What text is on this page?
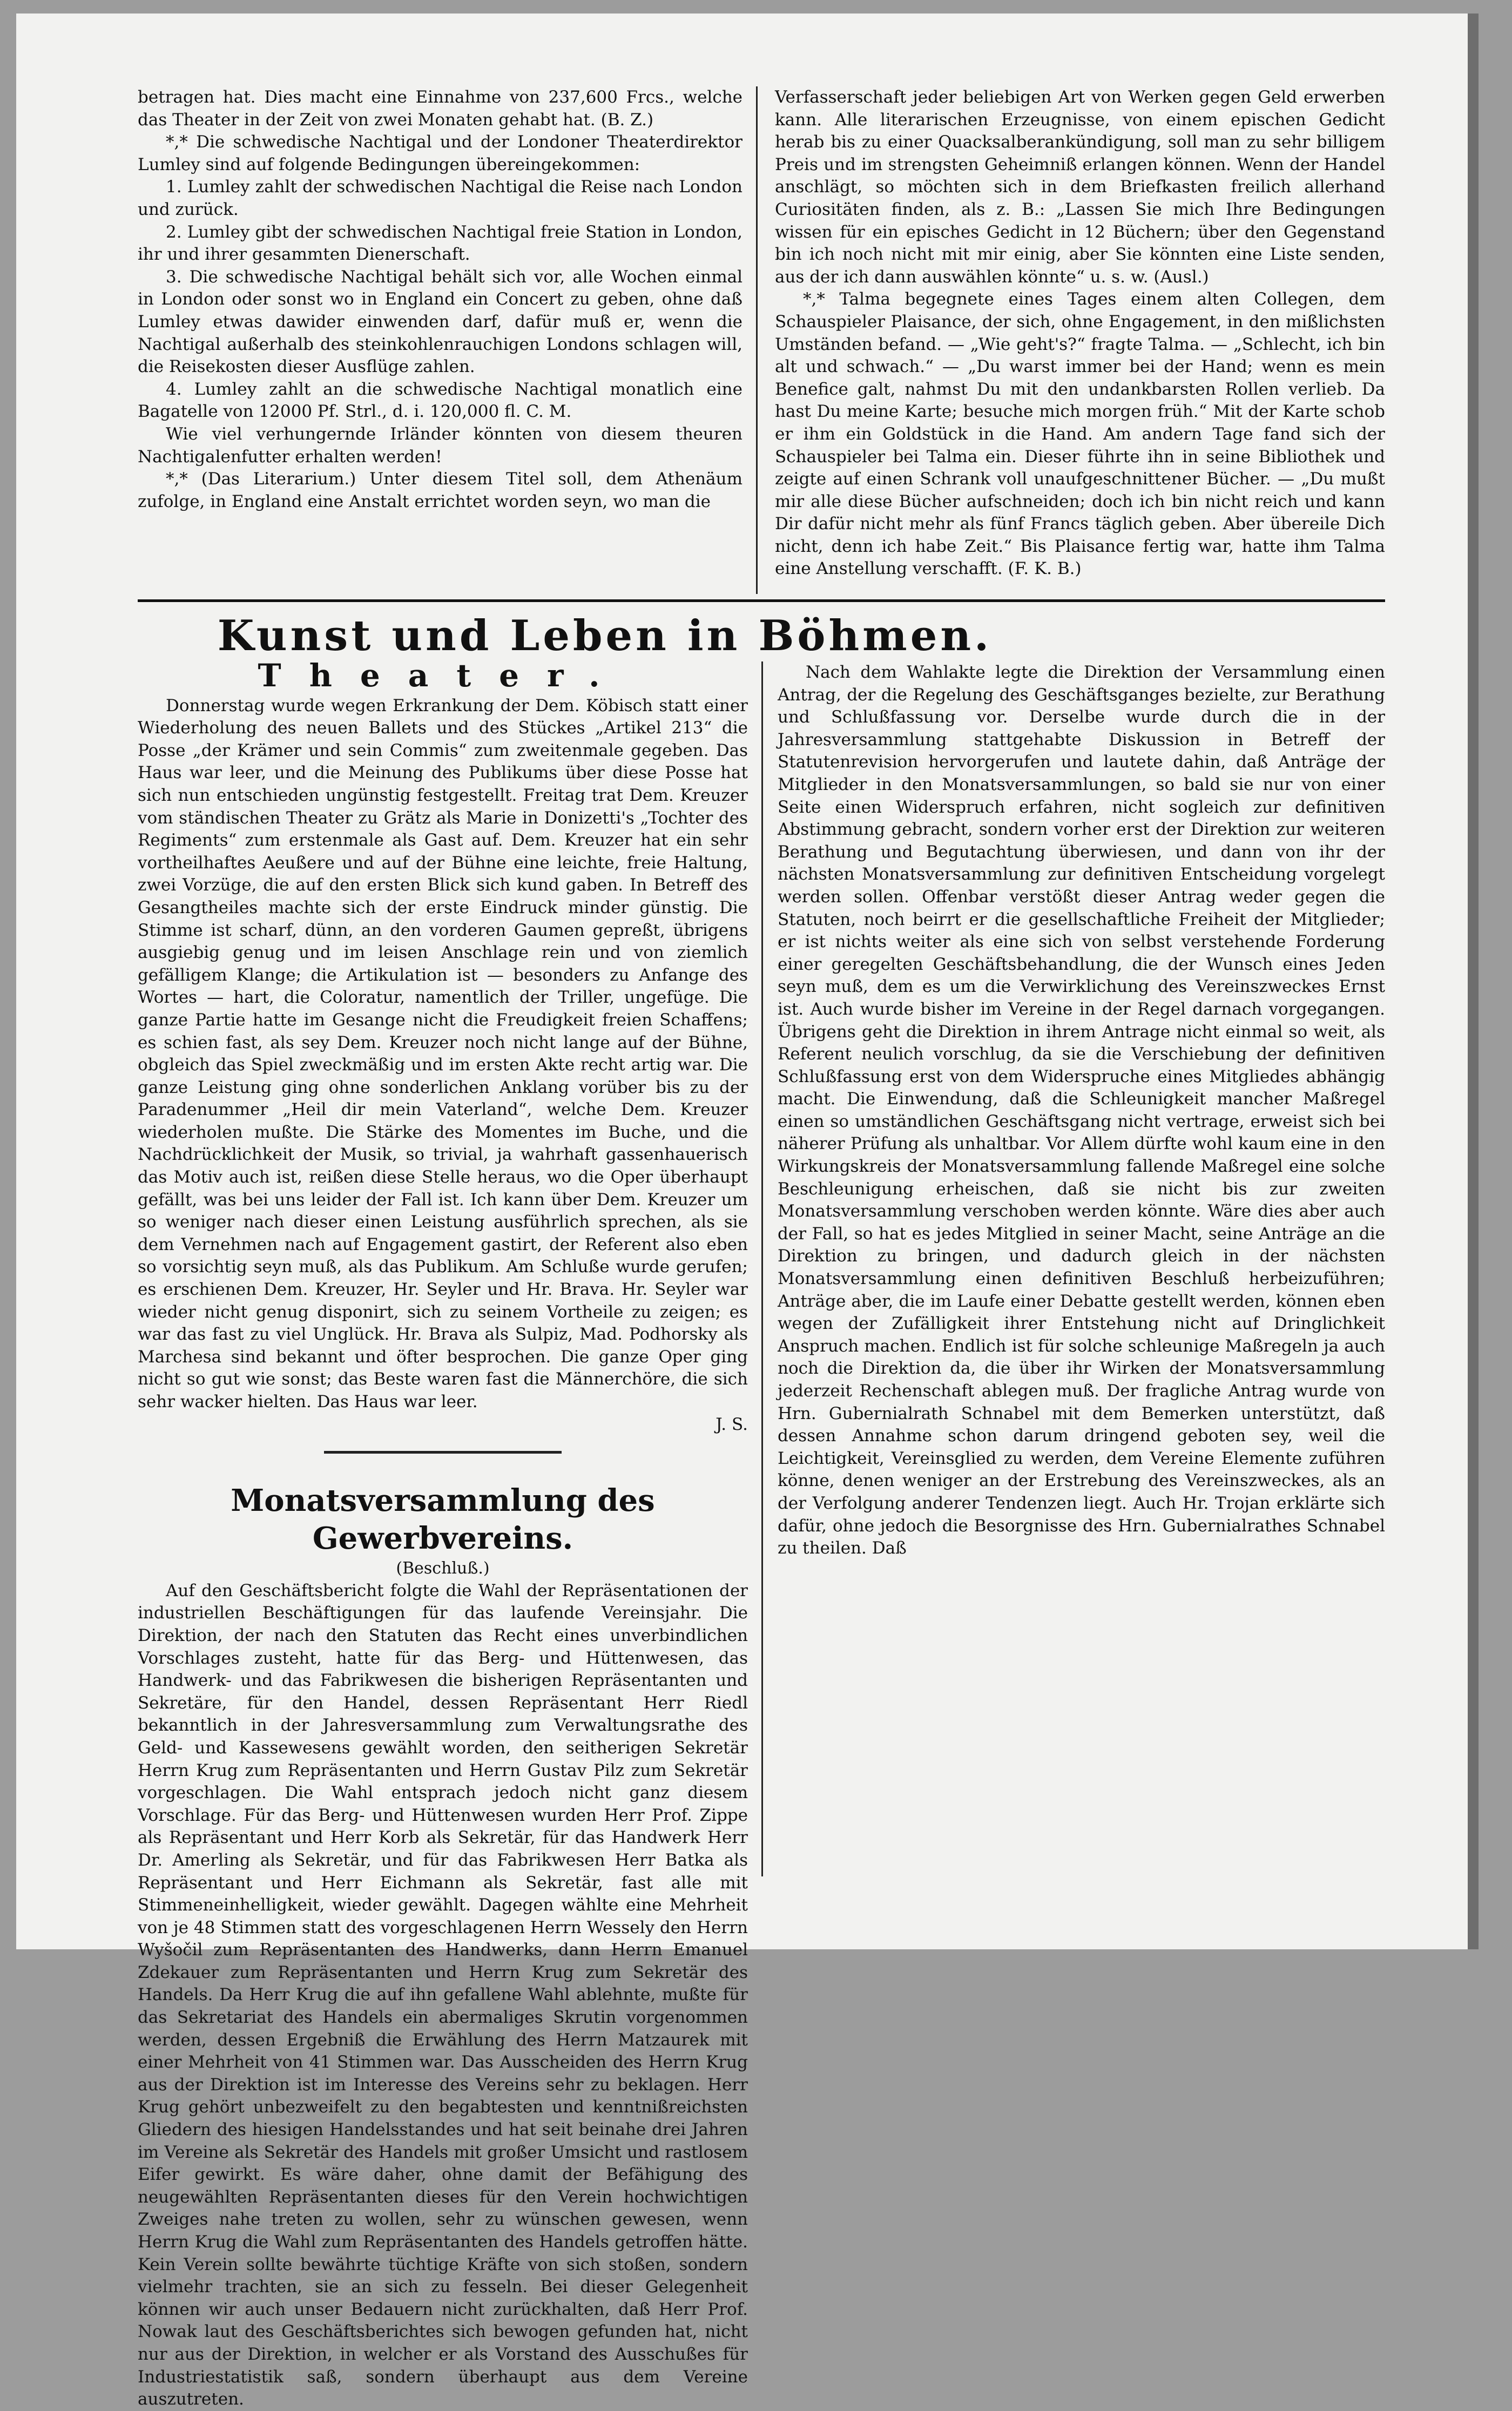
betragen hat. Dies macht eine Einnahme von 237,600 Frcs., welche das Theater in der Zeit von zwei Monaten gehabt hat. (B. Z.)

*,* Die schwedische Nachtigal und der Londoner Theaterdirektor Lumley sind auf folgende Bedingungen übereingekommen:

1. Lumley zahlt der schwedischen Nachtigal die Reise nach London und zurück.

2. Lumley gibt der schwedischen Nachtigal freie Station in London, ihr und ihrer gesammten Dienerschaft.

3. Die schwedische Nachtigal behält sich vor, alle Wochen einmal in London oder sonst wo in England ein Concert zu geben, ohne daß Lumley etwas dawider einwenden darf, dafür muß er, wenn die Nachtigal außerhalb des steinkohlenrauchigen Londons schlagen will, die Reisekosten dieser Ausflüge zahlen.

4. Lumley zahlt an die schwedische Nachtigal monatlich eine Bagatelle von 12000 Pf. Strl., d. i. 120,000 fl. C. M.

Wie viel verhungernde Irländer könnten von diesem theuren Nachtigalenfutter erhalten werden!

*,* (Das Literarium.) Unter diesem Titel soll, dem Athenäum zufolge, in England eine Anstalt errichtet worden seyn, wo man die

Verfasserschaft jeder beliebigen Art von Werken gegen Geld erwerben kann. Alle literarischen Erzeugnisse, von einem epischen Gedicht herab bis zu einer Quacksalberankündigung, soll man zu sehr billigem Preis und im strengsten Geheimniß erlangen können. Wenn der Handel anschlägt, so möchten sich in dem Briefkasten freilich allerhand Curiositäten finden, als z. B.: „Lassen Sie mich Ihre Bedingungen wissen für ein episches Gedicht in 12 Büchern; über den Gegenstand bin ich noch nicht mit mir einig, aber Sie könnten eine Liste senden, aus der ich dann auswählen könnte“ u. s. w. (Ausl.)

*,* Talma begegnete eines Tages einem alten Collegen, dem Schauspieler Plaisance, der sich, ohne Engagement, in den mißlichsten Umständen befand. — „Wie geht's?“ fragte Talma. — „Schlecht, ich bin alt und schwach.“ — „Du warst immer bei der Hand; wenn es mein Benefice galt, nahmst Du mit den undankbarsten Rollen verlieb. Da hast Du meine Karte; besuche mich morgen früh.“ Mit der Karte schob er ihm ein Goldstück in die Hand. Am andern Tage fand sich der Schauspieler bei Talma ein. Dieser führte ihn in seine Bibliothek und zeigte auf einen Schrank voll unaufgeschnittener Bücher. — „Du mußt mir alle diese Bücher aufschneiden; doch ich bin nicht reich und kann Dir dafür nicht mehr als fünf Francs täglich geben. Aber übereile Dich nicht, denn ich habe Zeit.“ Bis Plaisance fertig war, hatte ihm Talma eine Anstellung verschafft. (F. K. B.)

Kunst und Leben in Böhmen.
Theater.

Donnerstag wurde wegen Erkrankung der Dem. Köbisch statt einer Wiederholung des neuen Ballets und des Stückes „Artikel 213“ die Posse „der Krämer und sein Commis“ zum zweitenmale gegeben. Das Haus war leer, und die Meinung des Publikums über diese Posse hat sich nun entschieden ungünstig festgestellt. Freitag trat Dem. Kreuzer vom ständischen Theater zu Grätz als Marie in Donizetti's „Tochter des Regiments“ zum erstenmale als Gast auf. Dem. Kreuzer hat ein sehr vortheilhaftes Aeußere und auf der Bühne eine leichte, freie Haltung, zwei Vorzüge, die auf den ersten Blick sich kund gaben. In Betreff des Gesangtheiles machte sich der erste Eindruck minder günstig. Die Stimme ist scharf, dünn, an den vorderen Gaumen gepreßt, übrigens ausgiebig genug und im leisen Anschlage rein und von ziemlich gefälligem Klange; die Artikulation ist — besonders zu Anfange des Wortes — hart, die Coloratur, namentlich der Triller, ungefüge. Die ganze Partie hatte im Gesange nicht die Freudigkeit freien Schaffens; es schien fast, als sey Dem. Kreuzer noch nicht lange auf der Bühne, obgleich das Spiel zweckmäßig und im ersten Akte recht artig war. Die ganze Leistung ging ohne sonderlichen Anklang vorüber bis zu der Paradenummer „Heil dir mein Vaterland“, welche Dem. Kreuzer wiederholen mußte. Die Stärke des Momentes im Buche, und die Nachdrücklichkeit der Musik, so trivial, ja wahrhaft gassenhauerisch das Motiv auch ist, reißen diese Stelle heraus, wo die Oper überhaupt gefällt, was bei uns leider der Fall ist. Ich kann über Dem. Kreuzer um so weniger nach dieser einen Leistung ausführlich sprechen, als sie dem Vernehmen nach auf Engagement gastirt, der Referent also eben so vorsichtig seyn muß, als das Publikum. Am Schluße wurde gerufen; es erschienen Dem. Kreuzer, Hr. Seyler und Hr. Brava. Hr. Seyler war wieder nicht genug disponirt, sich zu seinem Vortheile zu zeigen; es war das fast zu viel Unglück. Hr. Brava als Sulpiz, Mad. Podhorsky als Marchesa sind bekannt und öfter besprochen. Die ganze Oper ging nicht so gut wie sonst; das Beste waren fast die Männerchöre, die sich sehr wacker hielten. Das Haus war leer.

J. S.

Monatsversammlung des Gewerbvereins.

(Beschluß.)

Auf den Geschäftsbericht folgte die Wahl der Repräsentationen der industriellen Beschäftigungen für das laufende Vereinsjahr. Die Direktion, der nach den Statuten das Recht eines unverbindlichen Vorschlages zusteht, hatte für das Berg- und Hüttenwesen, das Handwerk- und das Fabrikwesen die bisherigen Repräsentanten und Sekretäre, für den Handel, dessen Repräsentant Herr Riedl bekanntlich in der Jahresversammlung zum Verwaltungsrathe des Geld- und Kassewesens gewählt worden, den seitherigen Sekretär Herrn Krug zum Repräsentanten und Herrn Gustav Pilz zum Sekretär vorgeschlagen. Die Wahl entsprach jedoch nicht ganz diesem Vorschlage. Für das Berg- und Hüttenwesen wurden Herr Prof. Zippe als Repräsentant und Herr Korb als Sekretär, für das Handwerk Herr Dr. Amerling als Sekretär, und für das Fabrikwesen Herr Batka als Repräsentant und Herr Eichmann als Sekretär, fast alle mit Stimmeneinhelligkeit, wieder gewählt. Dagegen wählte eine Mehrheit von je 48 Stimmen statt des vorgeschlagenen Herrn Wessely den Herrn Wyšočil zum Repräsentanten des Handwerks, dann Herrn Emanuel Zdekauer zum Repräsentanten und Herrn Krug zum Sekretär des Handels. Da Herr Krug die auf ihn gefallene Wahl ablehnte, mußte für das Sekretariat des Handels ein abermaliges Skrutin vorgenommen werden, dessen Ergebniß die Erwählung des Herrn Matzaurek mit einer Mehrheit von 41 Stimmen war. Das Ausscheiden des Herrn Krug aus der Direktion ist im Interesse des Vereins sehr zu beklagen. Herr Krug gehört unbezweifelt zu den begabtesten und kenntnißreichsten Gliedern des hiesigen Handelsstandes und hat seit beinahe drei Jahren im Vereine als Sekretär des Handels mit großer Umsicht und rastlosem Eifer gewirkt. Es wäre daher, ohne damit der Befähigung des neugewählten Repräsentanten dieses für den Verein hochwichtigen Zweiges nahe treten zu wollen, sehr zu wünschen gewesen, wenn Herrn Krug die Wahl zum Repräsentanten des Handels getroffen hätte. Kein Verein sollte bewährte tüchtige Kräfte von sich stoßen, sondern vielmehr trachten, sie an sich zu fesseln. Bei dieser Gelegenheit können wir auch unser Bedauern nicht zurückhalten, daß Herr Prof. Nowak laut des Geschäftsberichtes sich bewogen gefunden hat, nicht nur aus der Direktion, in welcher er als Vorstand des Ausschußes für Industriestatistik saß, sondern überhaupt aus dem Vereine auszutreten.

Nach dem Wahlakte legte die Direktion der Versammlung einen Antrag, der die Regelung des Geschäftsganges bezielte, zur Berathung und Schlußfassung vor. Derselbe wurde durch die in der Jahresversammlung stattgehabte Diskussion in Betreff der Statutenrevision hervorgerufen und lautete dahin, daß Anträge der Mitglieder in den Monatsversammlungen, so bald sie nur von einer Seite einen Widerspruch erfahren, nicht sogleich zur definitiven Abstimmung gebracht, sondern vorher erst der Direktion zur weiteren Berathung und Begutachtung überwiesen, und dann von ihr der nächsten Monatsversammlung zur definitiven Entscheidung vorgelegt werden sollen. Offenbar verstößt dieser Antrag weder gegen die Statuten, noch beirrt er die gesellschaftliche Freiheit der Mitglieder; er ist nichts weiter als eine sich von selbst verstehende Forderung einer geregelten Geschäftsbehandlung, die der Wunsch eines Jeden seyn muß, dem es um die Verwirklichung des Vereinszweckes Ernst ist. Auch wurde bisher im Vereine in der Regel darnach vorgegangen. Übrigens geht die Direktion in ihrem Antrage nicht einmal so weit, als Referent neulich vorschlug, da sie die Verschiebung der definitiven Schlußfassung erst von dem Widerspruche eines Mitgliedes abhängig macht. Die Einwendung, daß die Schleunigkeit mancher Maßregel einen so umständlichen Geschäftsgang nicht vertrage, erweist sich bei näherer Prüfung als unhaltbar. Vor Allem dürfte wohl kaum eine in den Wirkungskreis der Monatsversammlung fallende Maßregel eine solche Beschleunigung erheischen, daß sie nicht bis zur zweiten Monatsversammlung verschoben werden könnte. Wäre dies aber auch der Fall, so hat es jedes Mitglied in seiner Macht, seine Anträge an die Direktion zu bringen, und dadurch gleich in der nächsten Monatsversammlung einen definitiven Beschluß herbeizuführen; Anträge aber, die im Laufe einer Debatte gestellt werden, können eben wegen der Zufälligkeit ihrer Entstehung nicht auf Dringlichkeit Anspruch machen. Endlich ist für solche schleunige Maßregeln ja auch noch die Direktion da, die über ihr Wirken der Monatsversammlung jederzeit Rechenschaft ablegen muß. Der fragliche Antrag wurde von Hrn. Gubernialrath Schnabel mit dem Bemerken unterstützt, daß dessen Annahme schon darum dringend geboten sey, weil die Leichtigkeit, Vereinsglied zu werden, dem Vereine Elemente zuführen könne, denen weniger an der Erstrebung des Vereinszweckes, als an der Verfolgung anderer Tendenzen liegt. Auch Hr. Trojan erklärte sich dafür, ohne jedoch die Besorgnisse des Hrn. Gubernialrathes Schnabel zu theilen. Daß
